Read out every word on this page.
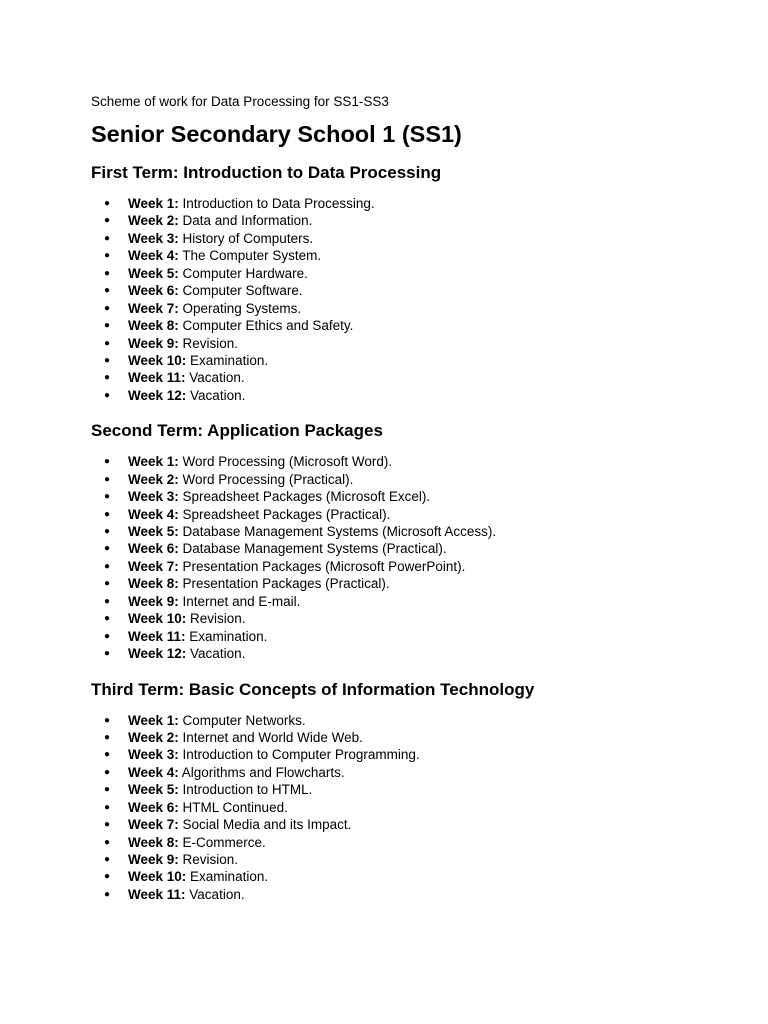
Scheme of work for Data Processing for SS1-SS3

Senior Secondary School 1 (SS1)
First Term: Introduction to Data Processing
● Week 1: Introduction to Data Processing.
● Week 2: Data and Information.
● Week 3: History of Computers.
● Week 4: The Computer System.
● Week 5: Computer Hardware.
● Week 6: Computer Software.
● Week 7: Operating Systems.
● Week 8: Computer Ethics and Safety.
● Week 9: Revision.
● Week 10: Examination.
● Week 11: Vacation.
● Week 12: Vacation.
Second Term: Application Packages
● Week 1: Word Processing (Microsoft Word).
● Week 2: Word Processing (Practical).
● Week 3: Spreadsheet Packages (Microsoft Excel).
● Week 4: Spreadsheet Packages (Practical).
● Week 5: Database Management Systems (Microsoft Access).
● Week 6: Database Management Systems (Practical).
● Week 7: Presentation Packages (Microsoft PowerPoint).
● Week 8: Presentation Packages (Practical).
● Week 9: Internet and E-mail.
● Week 10: Revision.
● Week 11: Examination.
● Week 12: Vacation.
Third Term: Basic Concepts of Information Technology
● Week 1: Computer Networks.
● Week 2: Internet and World Wide Web.
● Week 3: Introduction to Computer Programming.
● Week 4: Algorithms and Flowcharts.
● Week 5: Introduction to HTML.
● Week 6: HTML Continued.
● Week 7: Social Media and its Impact.
● Week 8: E-Commerce.
● Week 9: Revision.
● Week 10: Examination.
● Week 11: Vacation.
